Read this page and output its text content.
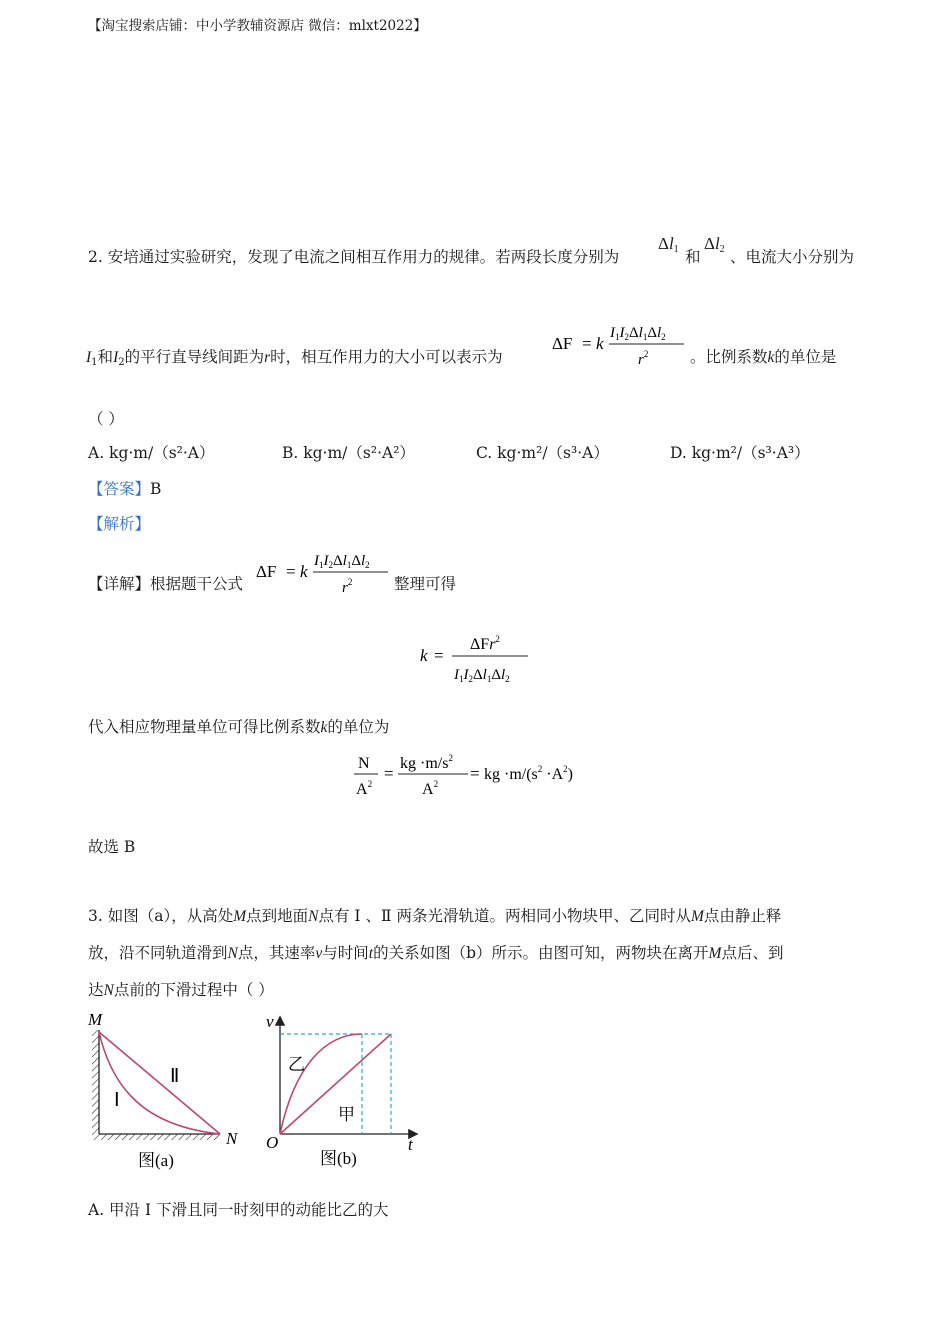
【淘宝搜索店铺：中小学教辅资源店 微信：mlxt2022】
2. 安培通过实验研究，发现了电流之间相互作用力的规律。若两段长度分别为
$\Delta l_1$ 和
$\Delta l_2$ 、电流大小分别为
$I_1$和$I_2$的平行直导线间距为r时，相互作用力的大小可以表示为
ΔF = k
$I_1I_2\Delta l_1\Delta l_2$
$r^2$	。比例系数k的单位是
（ ）
A. kg·m/（s²·A）	B. kg·m/（s²·A²）	C. kg·m²/（s³·A）	D. kg·m²/（s³·A³）
【答案】B
【解析】
【详解】根据题干公式
ΔF = k
$I_1I_2\Delta l_1\Delta l_2$
$r^2$	整理可得
k =
ΔFr$^2$
$I_1I_2\Delta l_1\Delta l_2$
代入相应物理量单位可得比例系数k的单位为
N
$A^2$
=
kg $\cdot m/s^2$
$A^2$
= kg $\cdot m/(s^2 \cdot A^2)$
故选 B
3. 如图（a），从高处M点到地面N点有 Ⅰ 、Ⅱ 两条光滑轨道。两相同小物块甲、乙同时从M点由静止释
放，沿不同轨道滑到N点，其速率v与时间t的关系如图（b）所示。由图可知，两物块在离开M点后、到
达N点前的下滑过程中（ ）
M
N
Ⅰ
Ⅱ
图(a)
v
t
O
乙
甲
图(b)
A. 甲沿 Ⅰ 下滑且同一时刻甲的动能比乙的大
